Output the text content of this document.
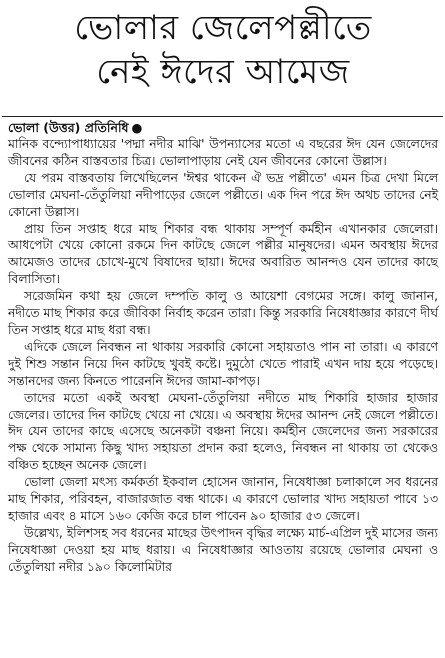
ভোলার জেলেপল্লীতে
নেই ঈদের আমেজ
ভোলা (উত্তর) প্রতিনিধি ●

মানিক বন্দ্যোপাধ্যায়ের 'পদ্মা নদীর মাঝি' উপন্যাসের মতো এ বছরের ঈদ যেন জেলেদের জীবনের কঠিন বাস্তবতার চিত্র। ভোলাপাড়ায় নেই যেন জীবনের কোনো উল্লাস।

যে পরম বাস্তবতায় লিখেছিলেন 'ঈশ্বর থাকেন ঐ ভদ্র পল্লীতে' এমন চিত্র দেখা মিলে ভোলার মেঘনা-তেঁতুলিয়া নদীপাড়ের জেলে পল্লীতে। এক দিন পরে ঈদ অথচ তাদের নেই কোনো উল্লাস।

প্রায় তিন সপ্তাহ ধরে মাছ শিকার বন্ধ থাকায় সম্পূর্ণ কর্মহীন এখানকার জেলেরা। আধপেটা খেয়ে কোনো রকমে দিন কাটছে জেলে পল্লীর মানুষদের। এমন অবস্থায় ঈদের আমেজও তাদের চোখে-মুখে বিষাদের ছায়া। ঈদের অবারিত আনন্দও যেন তাদের কাছে বিলাসিতা।

সরেজমিন কথা হয় জেলে দম্পতি কালু ও আয়েশা বেগমের সঙ্গে। কালু জানান, নদীতে মাছ শিকার করে জীবিকা নির্বাহ করেন তারা। কিন্তু সরকারি নিষেধাজ্ঞার কারণে দীর্ঘ তিন সপ্তাহ ধরে মাছ ধরা বন্ধ।

এদিকে জেলে নিবন্ধন না থাকায় সরকারি কোনো সহায়তাও পান না তারা। এ কারণে দুই শিশু সন্তান নিয়ে দিন কাটছে খুবই কষ্টে। দুমুঠো খেতে পারাই এখন দায় হয়ে পড়েছে। সন্তানদের জন্য কিনতে পারেননি ঈদের জামা-কাপড়।

তাদের মতো একই অবস্থা মেঘনা-তেঁতুলিয়া নদীতে মাছ শিকারি হাজার হাজার জেলের। তাদের দিন কাটছে খেয়ে না খেয়ে। এ অবস্থায় ঈদের আনন্দ নেই জেলে পল্লীতে। ঈদ যেন তাদের কাছে এসেছে অনেকটা বঞ্চনা নিয়ে। কর্মহীন জেলেদের জন্য সরকারের পক্ষ থেকে সামান্য কিছু খাদ্য সহায়তা প্রদান করা হলেও, নিবন্ধন না থাকায় তা থেকেও বঞ্চিত হচ্ছেন অনেক জেলে।

ভোলা জেলা মৎস্য কর্মকর্তা ইকবাল হোসেন জানান, নিষেধাজ্ঞা চলাকালে সব ধরনের মাছ শিকার, পরিবহন, বাজারজাত বন্ধ থাকে। এ কারণে ভোলার খাদ্য সহায়তা পাবে ১৩ হাজার এবং ৪ মাসে ১৬০ কেজি করে চাল পাবেন ৯০ হাজার ৫৩ জেলে।

উল্লেখ্য, ইলিশসহ সব ধরনের মাছের উৎপাদন বৃদ্ধির লক্ষ্যে মার্চ-এপ্রিল দুই মাসের জন্য নিষেধাজ্ঞা দেওয়া হয় মাছ ধরায়। এ নিষেধাজ্ঞার আওতায় রয়েছে ভোলার মেঘনা ও তেঁতুলিয়া নদীর ১৯০ কিলোমিটার
